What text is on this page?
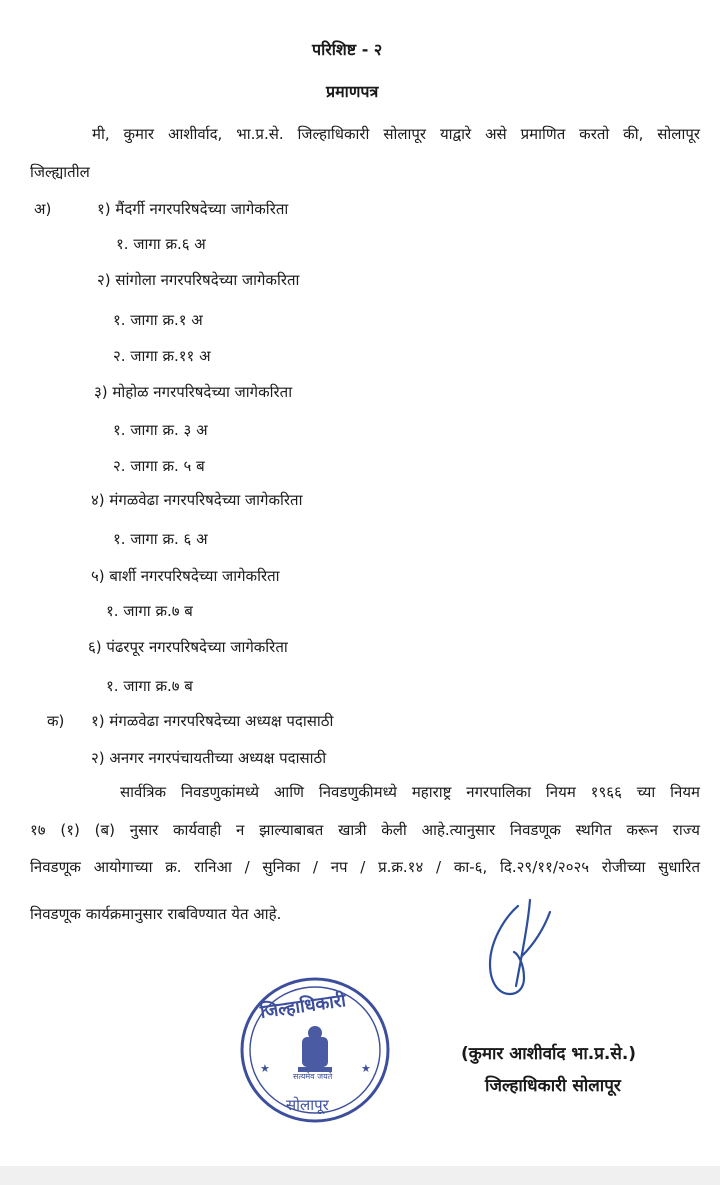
परिशिष्ट - २
प्रमाणपत्र
मी, कुमार आशीर्वाद, भा.प्र.से. जिल्हाधिकारी सोलापूर याद्वारे असे प्रमाणित करतो की, सोलापूर
जिल्ह्यातील
अ)	१) मैंदर्गी नगरपरिषदेच्या जागेकरिता
१. जागा क्र.६ अ
२) सांगोला नगरपरिषदेच्या जागेकरिता
१. जागा क्र.१ अ
२. जागा क्र.११ अ
३) मोहोळ नगरपरिषदेच्या जागेकरिता
१. जागा क्र. ३ अ
२. जागा क्र. ५ ब
४) मंगळवेढा नगरपरिषदेच्या जागेकरिता
१. जागा क्र. ६ अ
५) बार्शी नगरपरिषदेच्या जागेकरिता
१. जागा क्र.७ ब
६) पंढरपूर नगरपरिषदेच्या जागेकरिता
१. जागा क्र.७ ब
क) १) मंगळवेढा नगरपरिषदेच्या अध्यक्ष पदासाठी
२) अनगर नगरपंचायतीच्या अध्यक्ष पदासाठी
सार्वत्रिक निवडणुकांमध्ये आणि निवडणुकीमध्ये महाराष्ट्र नगरपालिका नियम १९६६ च्या नियम
१७ (१) (ब) नुसार कार्यवाही न झाल्याबाबत खात्री केली आहे.त्यानुसार निवडणूक स्थगित करून राज्य
निवडणूक आयोगाच्या क्र. रानिआ / सुनिका / नप / प्र.क्र.१४ / का-६, दि.२९/११/२०२५ रोजीच्या सुधारित
निवडणूक कार्यक्रमानुसार राबविण्यात येत आहे.
★	★
जिल्हाधिकारी
सत्यमेव जयते
सोलापूर
(कुमार आशीर्वाद भा.प्र.से.)
जिल्हाधिकारी सोलापूर
